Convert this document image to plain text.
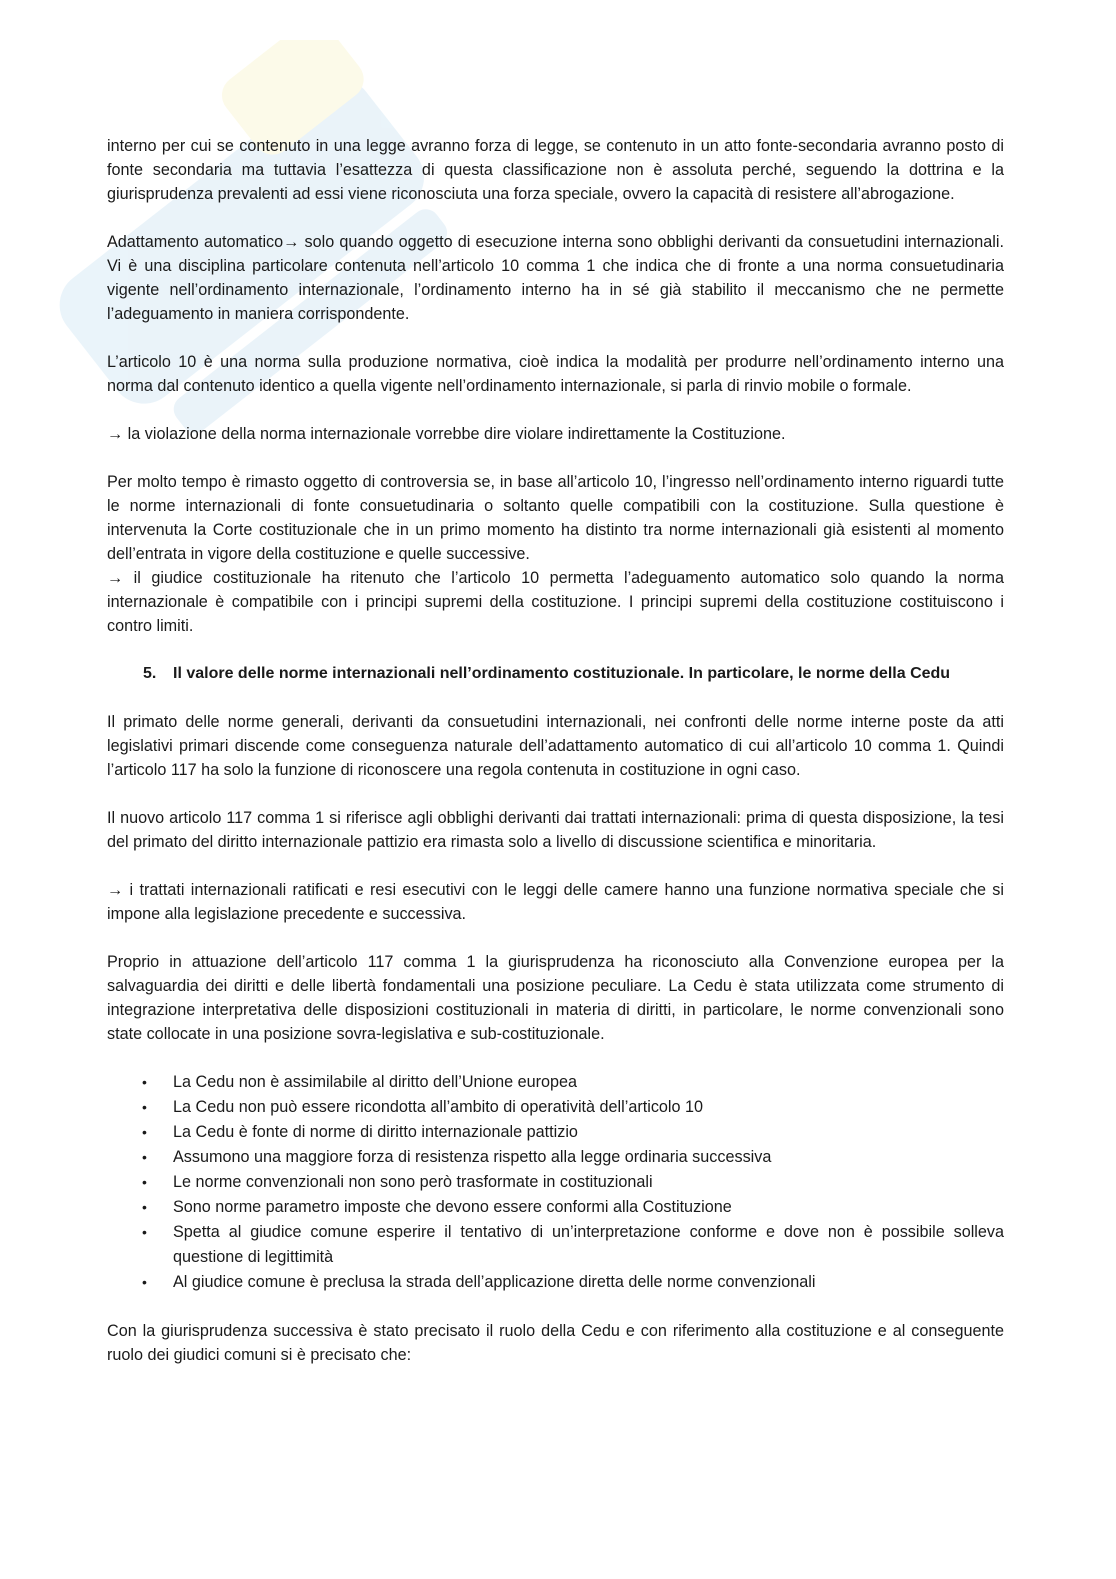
interno per cui se contenuto in una legge avranno forza di legge, se contenuto in un atto fonte-secondaria avranno posto di fonte secondaria ma tuttavia l’esattezza di questa classificazione non è assoluta perché, seguendo la dottrina e la giurisprudenza prevalenti ad essi viene riconosciuta una forza speciale, ovvero la capacità di resistere all’abrogazione.

Adattamento automatico→ solo quando oggetto di esecuzione interna sono obblighi derivanti da consuetudini internazionali. Vi è una disciplina particolare contenuta nell’articolo 10 comma 1 che indica che di fronte a una norma consuetudinaria vigente nell’ordinamento internazionale, l’ordinamento interno ha in sé già stabilito il meccanismo che ne permette l’adeguamento in maniera corrispondente.

L’articolo 10 è una norma sulla produzione normativa, cioè indica la modalità per produrre nell’ordinamento interno una norma dal contenuto identico a quella vigente nell’ordinamento internazionale, si parla di rinvio mobile o formale.

→ la violazione della norma internazionale vorrebbe dire violare indirettamente la Costituzione.

Per molto tempo è rimasto oggetto di controversia se, in base all’articolo 10, l’ingresso nell’ordinamento interno riguardi tutte le norme internazionali di fonte consuetudinaria o soltanto quelle compatibili con la costituzione. Sulla questione è intervenuta la Corte costituzionale che in un primo momento ha distinto tra norme internazionali già esistenti al momento dell’entrata in vigore della costituzione e quelle successive.

→ il giudice costituzionale ha ritenuto che l’articolo 10 permetta l’adeguamento automatico solo quando la norma internazionale è compatibile con i principi supremi della costituzione. I principi supremi della costituzione costituiscono i contro limiti.

5.	Il valore delle norme internazionali nell’ordinamento costituzionale. In particolare, le norme della Cedu

Il primato delle norme generali, derivanti da consuetudini internazionali, nei confronti delle norme interne poste da atti legislativi primari discende come conseguenza naturale dell’adattamento automatico di cui all’articolo 10 comma 1. Quindi l’articolo 117 ha solo la funzione di riconoscere una regola contenuta in costituzione in ogni caso.

Il nuovo articolo 117 comma 1 si riferisce agli obblighi derivanti dai trattati internazionali: prima di questa disposizione, la tesi del primato del diritto internazionale pattizio era rimasta solo a livello di discussione scientifica e minoritaria.

→ i trattati internazionali ratificati e resi esecutivi con le leggi delle camere hanno una funzione normativa speciale che si impone alla legislazione precedente e successiva.

Proprio in attuazione dell’articolo 117 comma 1 la giurisprudenza ha riconosciuto alla Convenzione europea per la salvaguardia dei diritti e delle libertà fondamentali una posizione peculiare. La Cedu è stata utilizzata come strumento di integrazione interpretativa delle disposizioni costituzionali in materia di diritti, in particolare, le norme convenzionali sono state collocate in una posizione sovra-legislativa e sub-costituzionale.

• La Cedu non è assimilabile al diritto dell’Unione europea
• La Cedu non può essere ricondotta all’ambito di operatività dell’articolo 10
• La Cedu è fonte di norme di diritto internazionale pattizio
• Assumono una maggiore forza di resistenza rispetto alla legge ordinaria successiva
• Le norme convenzionali non sono però trasformate in costituzionali
• Sono norme parametro imposte che devono essere conformi alla Costituzione
• Spetta al giudice comune esperire il tentativo di un’interpretazione conforme e dove non è possibile solleva questione di legittimità
• Al giudice comune è preclusa la strada dell’applicazione diretta delle norme convenzionali

Con la giurisprudenza successiva è stato precisato il ruolo della Cedu e con riferimento alla costituzione e al conseguente ruolo dei giudici comuni si è precisato che:
